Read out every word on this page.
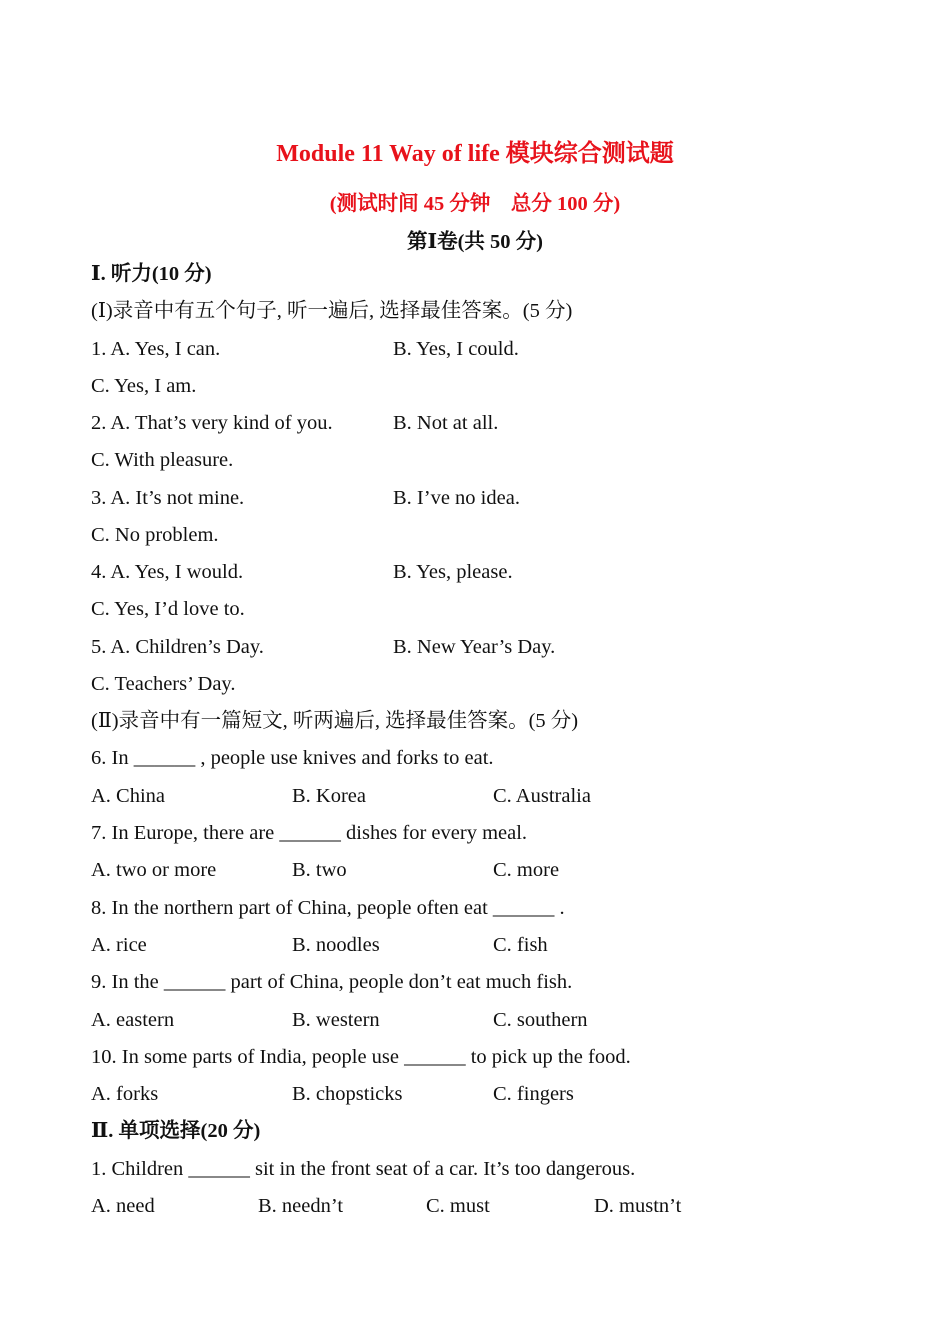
Module 11 Way of life 模块综合测试题
(测试时间 45 分钟　总分 100 分)
第Ⅰ卷(共 50 分)
Ⅰ. 听力(10 分)
(Ⅰ)录音中有五个句子, 听一遍后, 选择最佳答案。(5 分)
1. A. Yes, I can.	B. Yes, I could.
C. Yes, I am.
2. A. That’s very kind of you.	B. Not at all.
C. With pleasure.
3. A. It’s not mine.	B. I’ve no idea.
C. No problem.
4. A. Yes, I would.	B. Yes, please.
C. Yes, I’d love to.
5. A. Children’s Day.	B. New Year’s Day.
C. Teachers’ Day.
(Ⅱ)录音中有一篇短文, 听两遍后, 选择最佳答案。(5 分)
6. In ______ , people use knives and forks to eat.
A. China	B. Korea	C. Australia
7. In Europe, there are ______ dishes for every meal.
A. two or more	B. two	C. more
8. In the northern part of China, people often eat ______ .
A. rice	B. noodles	C. fish
9. In the ______ part of China, people don’t eat much fish.
A. eastern	B. western	C. southern
10. In some parts of India, people use ______ to pick up the food.
A. forks	B. chopsticks	C. fingers
Ⅱ. 单项选择(20 分)
1. Children ______ sit in the front seat of a car. It’s too dangerous.
A. need	B. needn’t	C. must	D. mustn’t
